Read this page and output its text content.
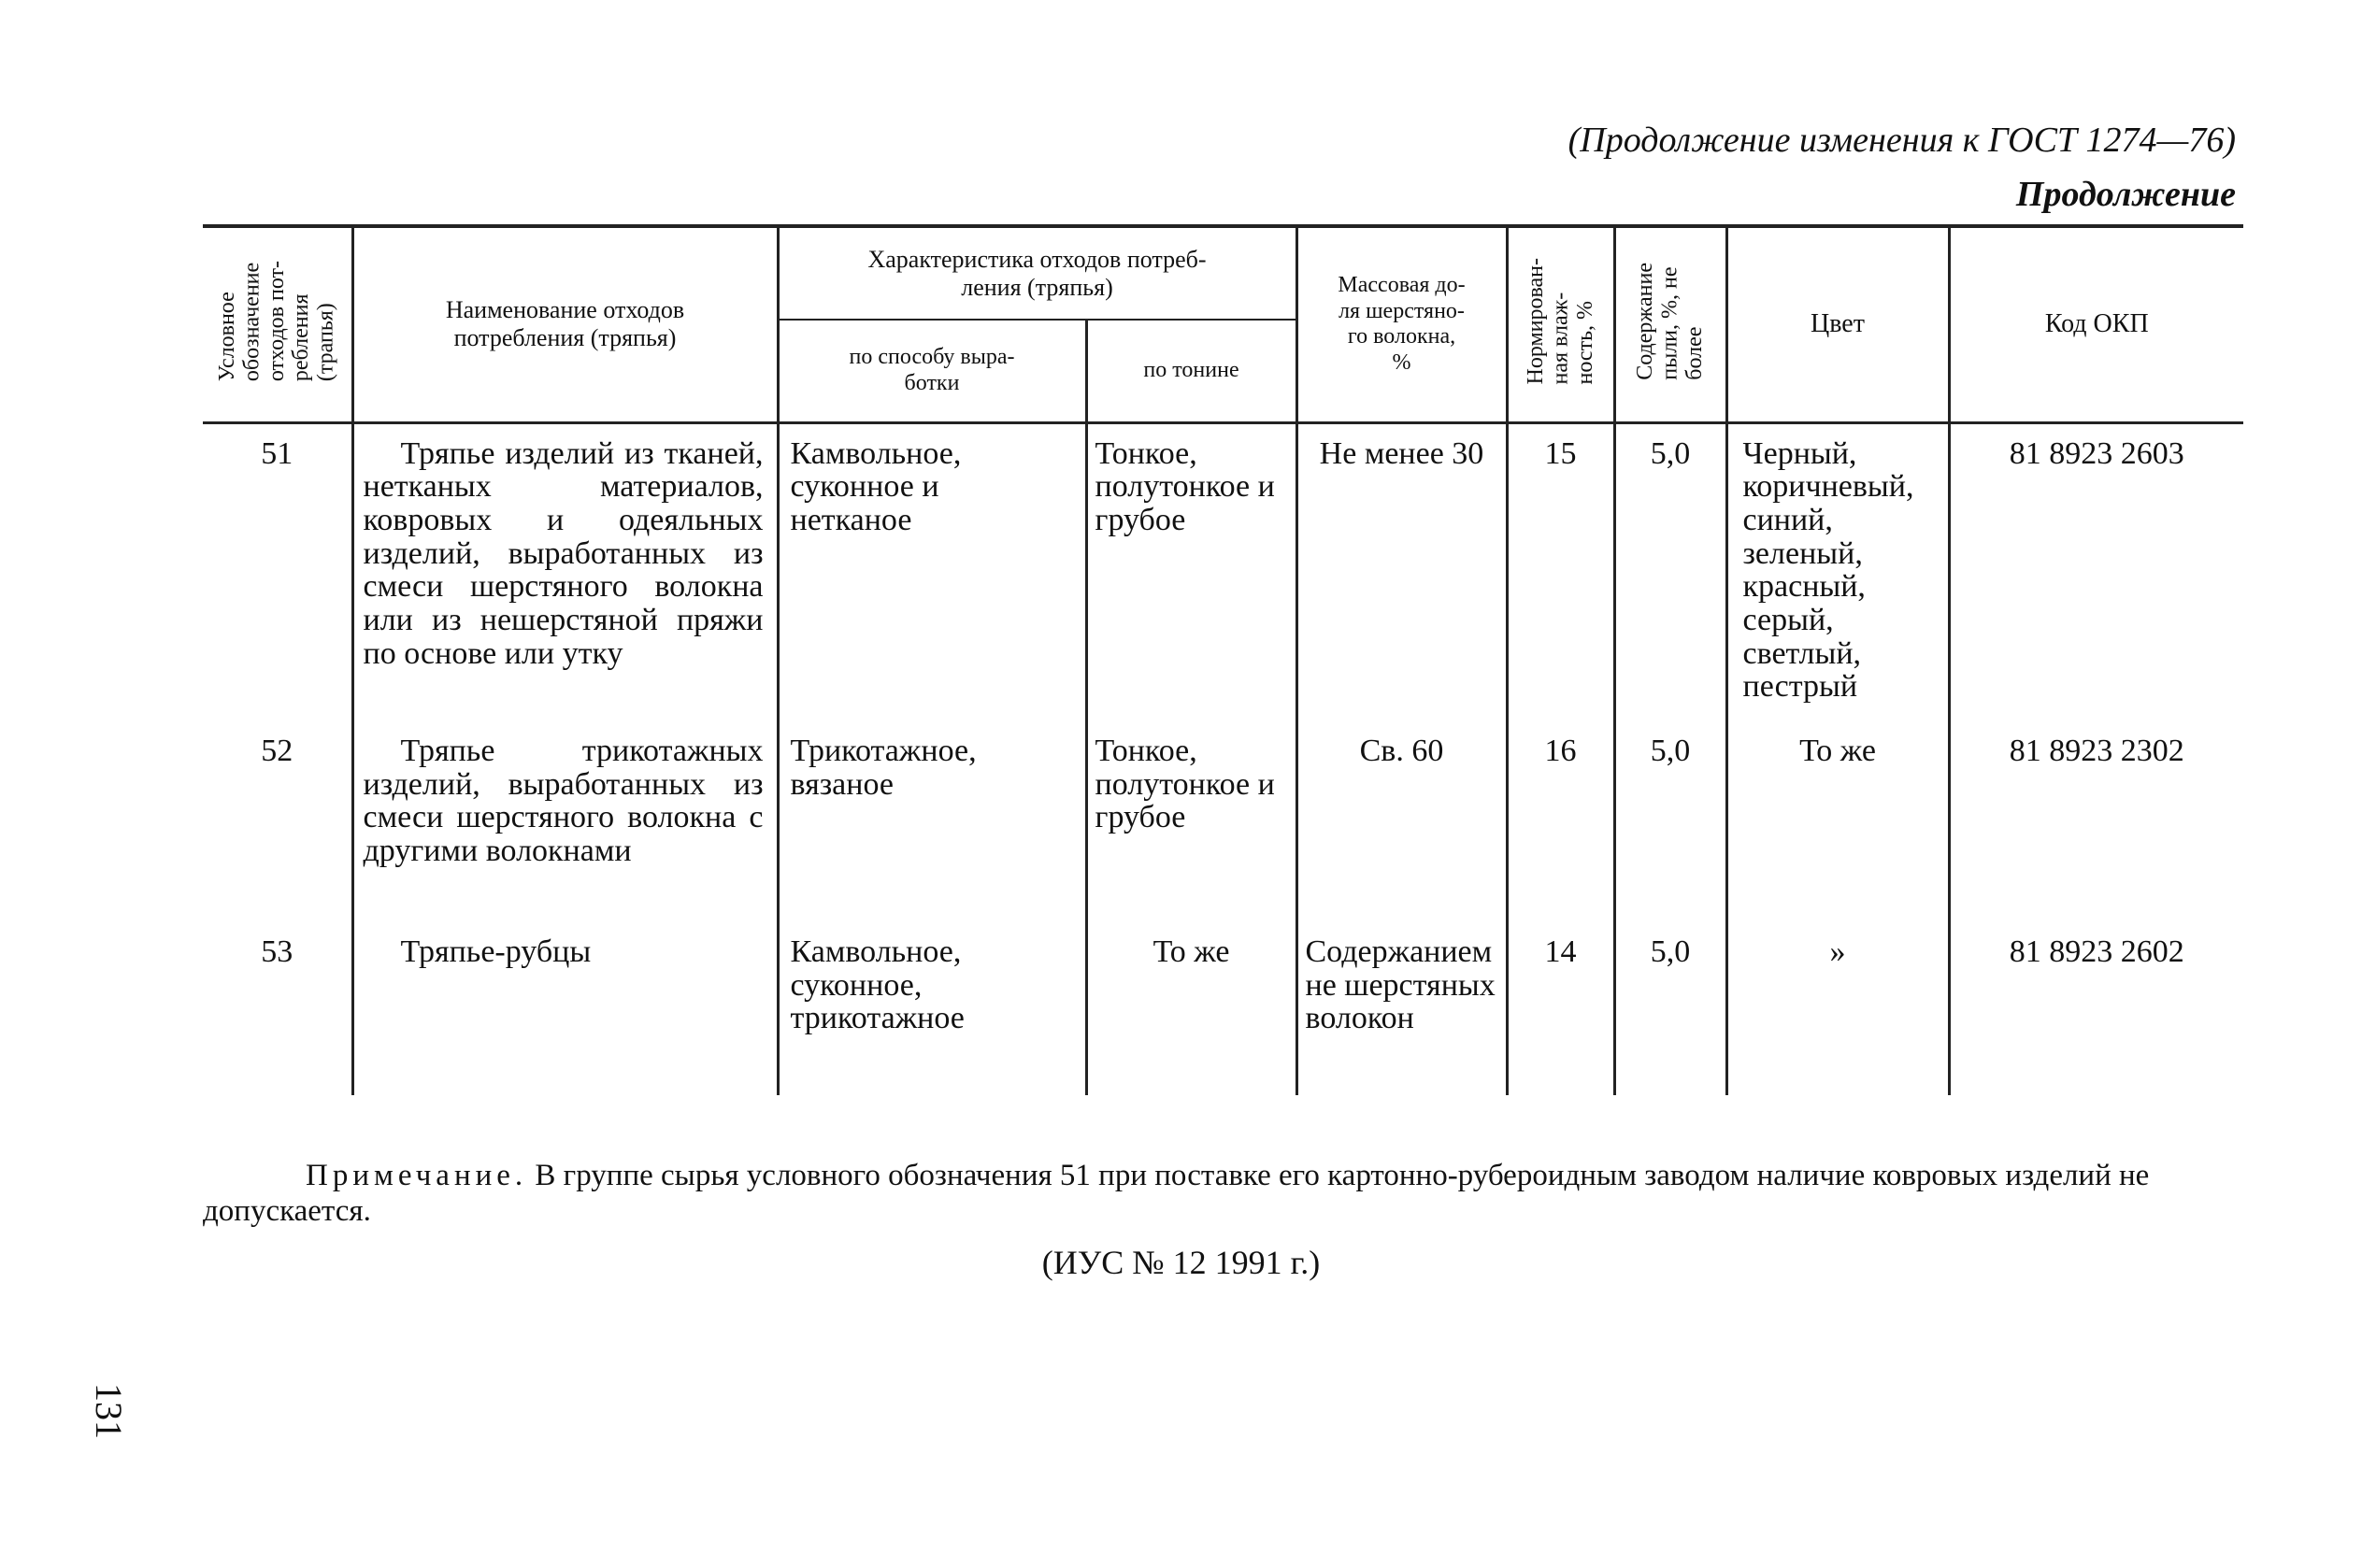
(Продолжение изменения к ГОСТ 1274—76)
Продолжение
Условное
обозначение
отходов пот-
ребления
(трапья)	Наименование отходов
потребления (тряпья)	Характеристика отходов потреб-
ления (тряпья)		Массовая до-
ля шерстяно-
го волокна,
%	Нормирован-
ная влаж-
ность, %	Содержание
пыли, %, не
более	Цвет	Код ОКП
		по способу выра-
ботки	по тонине					
51	Тряпье изделий из тканей, нетканых материалов, ковровых и одеяльных изделий, выработанных из смеси шерстяного волокна или из нешерстяной пряжи по основе или утку	Камвольное, суконное и нетканое	Тонкое, полутонкое и грубое	Не менее 30	15	5,0	Черный, коричневый, синий, зеленый, красный, серый, светлый, пестрый	81 8923 2603
52	Тряпье трикотажных изделий, выработанных из смеси шерстяного волокна с другими волокнами	Трикотажное, вязаное	Тонкое, полутонкое и грубое	Св. 60	16	5,0	То же	81 8923 2302
53	Тряпье-рубцы	Камвольное, суконное, трикотажное	То же	Содержанием не шерстяных волокон	14	5,0	»	81 8923 2602
Примечание. В группе сырья условного обозначения 51 при поставке его картонно-рубероидным заводом наличие ковровых изделий не допускается.
(ИУС № 12 1991 г.)
131
